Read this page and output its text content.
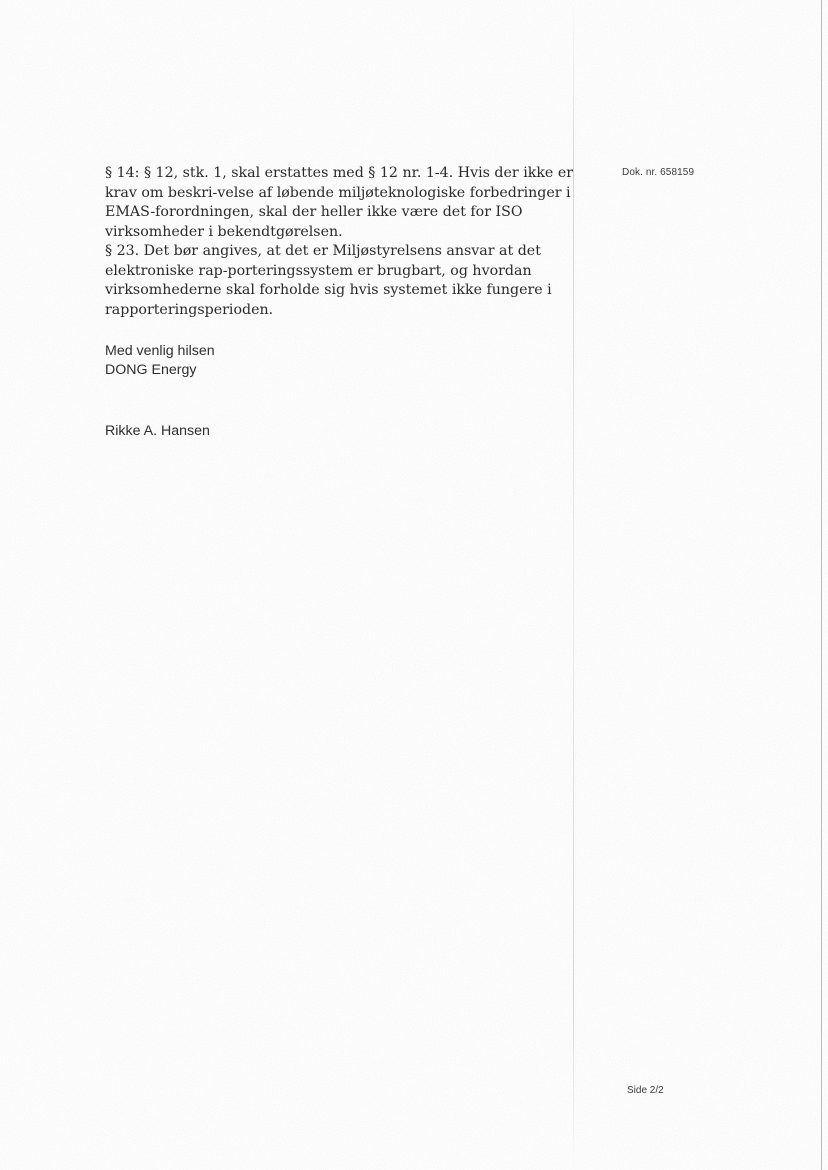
Dok. nr. 658159

§ 14: § 12, stk. 1, skal erstattes med § 12 nr. 1-4. Hvis der ikke er krav om beskri-velse af løbende miljøteknologiske forbedringer i EMAS-forordningen, skal der heller ikke være det for ISO virksomheder i bekendtgørelsen.

§ 23. Det bør angives, at det er Miljøstyrelsens ansvar at det elektroniske rap-porteringssystem er brugbart, og hvordan virksomhederne skal forholde sig hvis systemet ikke fungere i rapporteringsperioden.

Med venlig hilsen
DONG Energy
Rikke A. Hansen
Side 2/2
